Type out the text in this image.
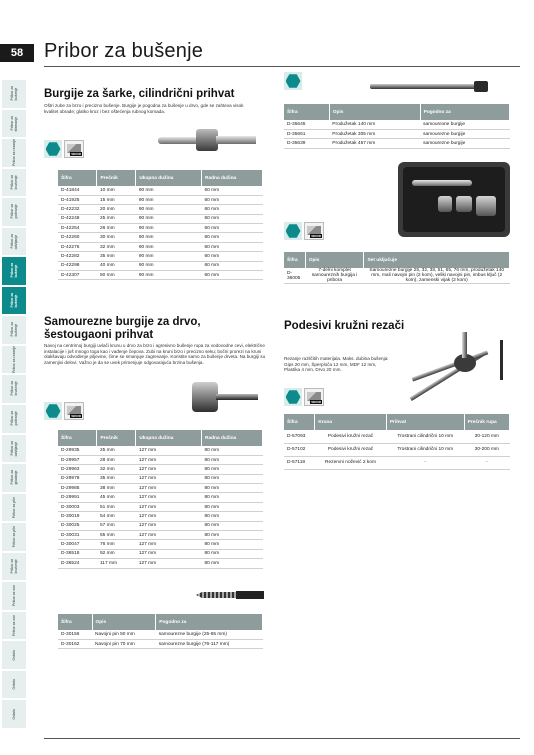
58	Pribor za bušenje
Pribor za bušenje
Pribor za štemanje
Pribor za rezanje
Pribor za brušenje
Pribor za poliranje
Pribor za odvijanje
Pribor za bušenje
Pribor za bušenje
Pribor za bušenje
Pribor za rezanje
Pribor za brušenje
Pribor za poliranje
Pribor za odvijanje
Pribor za glodanje
Pribor za pile
Pribor za pile
Pribor za brušenje
Pribor za sve
Pribor za sve
Ostalo
Ostalo
Ostalo
Burgije za šarke, cilindrični prihvat
Oštri zube za brzo i precizno bušenje. Burgije je pogodna za bušenje u drvo, gde se zahteva visok kvalitet obrade; glatko kroz i bez oštećenja rubnog komada.
WOOD
Šifra	Prečnik	Ukupna dužina	Radna dužina
D-41844	10 mm	90 mm	60 mm
D-41925	15 mm	90 mm	60 mm
D-42232	20 mm	90 mm	60 mm
D-42248	25 mm	90 mm	60 mm
D-42254	26 mm	90 mm	60 mm
D-42260	30 mm	90 mm	60 mm
D-42276	32 mm	90 mm	60 mm
D-42282	35 mm	90 mm	60 mm
D-42298	40 mm	90 mm	60 mm
D-42307	50 mm	90 mm	60 mm
Šifra	Opis	Pogodno za
D-35645	Produžetak 140 mm	samoureзne burgije
D-35651	Produžetak 305 mm	samourezne burgije
D-35639	Produžetak 457 mm	samourezne burgije
WOOD
Šifra	Opis	Set uključuje
D-36005	7-delni komplet samoureznih burgija i pribora	Samourezne burgije 25, 32, 38, 51, 65, 76 mm, produžetak 140 mm, mali navojni pin (2 kom), veliki navojni pin, imbus ključ (2 kom), zamenski vijak (2 kom)
Samourezne burgije za drvo, šestougaoni prihvat
Navoj na centrirnoj burgiji uvlači krunu u drvo za brzo i agresivno bušenje rupa za vodovodne cevi, električne instalacije i još mnogo toga kao i vađenje čepova. Zubi na kruni brzo i precizno seku; bočni prorezi na kruni olakšavaju odvođenje piljevine, čime se smanjuje zagrevanje. Koristite samo za bušenje drveta. Na burgiji su zamenjivi delovi. Važno je da se uvek primenjuje odgovarajuća brzina bušenja.
WOOD
Šifra	Prečnik	Ukupna dužina	Radna dužina
D-29935	25 mm	127 mm	80 mm
D-29957	28 mm	127 mm	80 mm
D-29963	32 mm	127 mm	80 mm
D-29979	35 mm	127 mm	80 mm
D-29985	38 mm	127 mm	80 mm
D-29991	45 mm	127 mm	80 mm
D-30003	51 mm	127 mm	80 mm
D-30019	54 mm	127 mm	80 mm
D-30025	57 mm	127 mm	80 mm
D-30031	65 mm	127 mm	80 mm
D-30047	76 mm	127 mm	80 mm
D-36518	92 mm	127 mm	80 mm
D-36524	117 mm	127 mm	80 mm
Šifra	Opis	Pogodno za
D-30156	Navojni pin 50 mm	samourezne burgije (25-65 mm)
D-30162	Navojni pin 70 mm	samourezne burgije (76-117 mm)
Podesivi kružni rezači
Rezanje različitih materijala. Maks. dubina bušenja: Gips 20 mm, Šperploča 12 mm, MDF 12 mm, Plastika 4 mm, Drvo 20 mm.
WOOD
Šifra	Kruna	Prihvat	Prečnik rupa
D-57093	Podesivi kružni rezač	Trostrani cilindrični 10 mm	30-120 mm
D-57102	Podesivi kružni rezač	Trostrani cilindrični 10 mm	30-200 mm
D-57118	Rezervni nožević 2 kom	-	-
